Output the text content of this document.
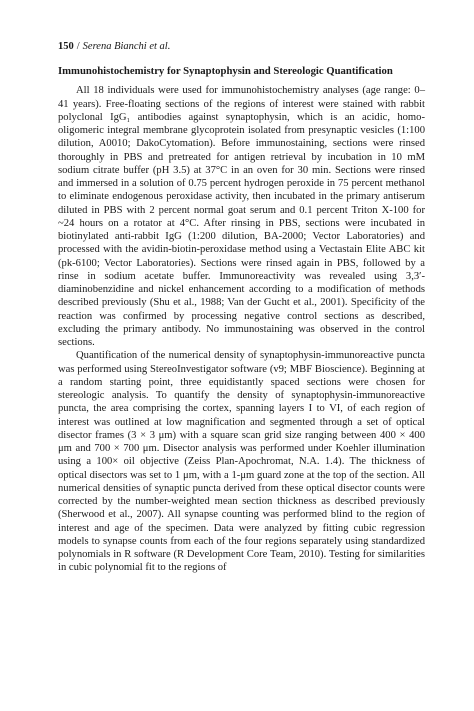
150 / Serena Bianchi et al.
Immunohistochemistry for Synaptophysin and Stereologic Quantification

All 18 individuals were used for immunohistochemistry analyses (age range: 0–41 years). Free-floating sections of the regions of interest were stained with rabbit polyclonal IgG₁ antibodies against synaptophysin, which is an acidic, homo-oligomeric integral membrane glycoprotein isolated from presynaptic vesicles (1:100 dilution, A0010; DakoCytomation). Before immunostaining, sections were rinsed thoroughly in PBS and pretreated for antigen retrieval by incubation in 10 mM sodium citrate buffer (pH 3.5) at 37°C in an oven for 30 min. Sections were rinsed and immersed in a solution of 0.75 percent hydrogen peroxide in 75 percent methanol to eliminate endogenous peroxidase activity, then incubated in the primary antiserum diluted in PBS with 2 percent normal goat serum and 0.1 percent Triton X-100 for ~24 hours on a rotator at 4°C. After rinsing in PBS, sections were incubated in biotinylated anti-rabbit IgG (1:200 dilution, BA-2000; Vector Laboratories) and processed with the avidin-biotin-peroxidase method using a Vectastain Elite ABC kit (pk-6100; Vector Laboratories). Sections were rinsed again in PBS, followed by a rinse in sodium acetate buffer. Immunoreactivity was revealed using 3,3′-diaminobenzidine and nickel enhancement according to a modification of methods described previously (Shu et al., 1988; Van der Gucht et al., 2001). Specificity of the reaction was confirmed by processing negative control sections as described, excluding the primary antibody. No immunostaining was observed in the control sections.

Quantification of the numerical density of synaptophysin-immunoreactive puncta was performed using StereoInvestigator software (v9; MBF Bioscience). Beginning at a random starting point, three equidistantly spaced sections were chosen for stereologic analysis. To quantify the density of synaptophysin-immunoreactive puncta, the area comprising the cortex, spanning layers I to VI, of each region of interest was outlined at low magnification and segmented through a set of optical disector frames (3 × 3 μm) with a square scan grid size ranging between 400 × 400 μm and 700 × 700 μm. Disector analysis was performed under Koehler illumination using a 100× oil objective (Zeiss Plan-Apochromat, N.A. 1.4). The thickness of optical disectors was set to 1 μm, with a 1-μm guard zone at the top of the section. All numerical densities of synaptic puncta derived from these optical disector counts were corrected by the number-weighted mean section thickness as described previously (Sherwood et al., 2007). All synapse counting was performed blind to the region of interest and age of the specimen. Data were analyzed by fitting cubic regression models to synapse counts from each of the four regions separately using standardized polynomials in R software (R Development Core Team, 2010). Testing for similarities in cubic polynomial fit to the regions of
